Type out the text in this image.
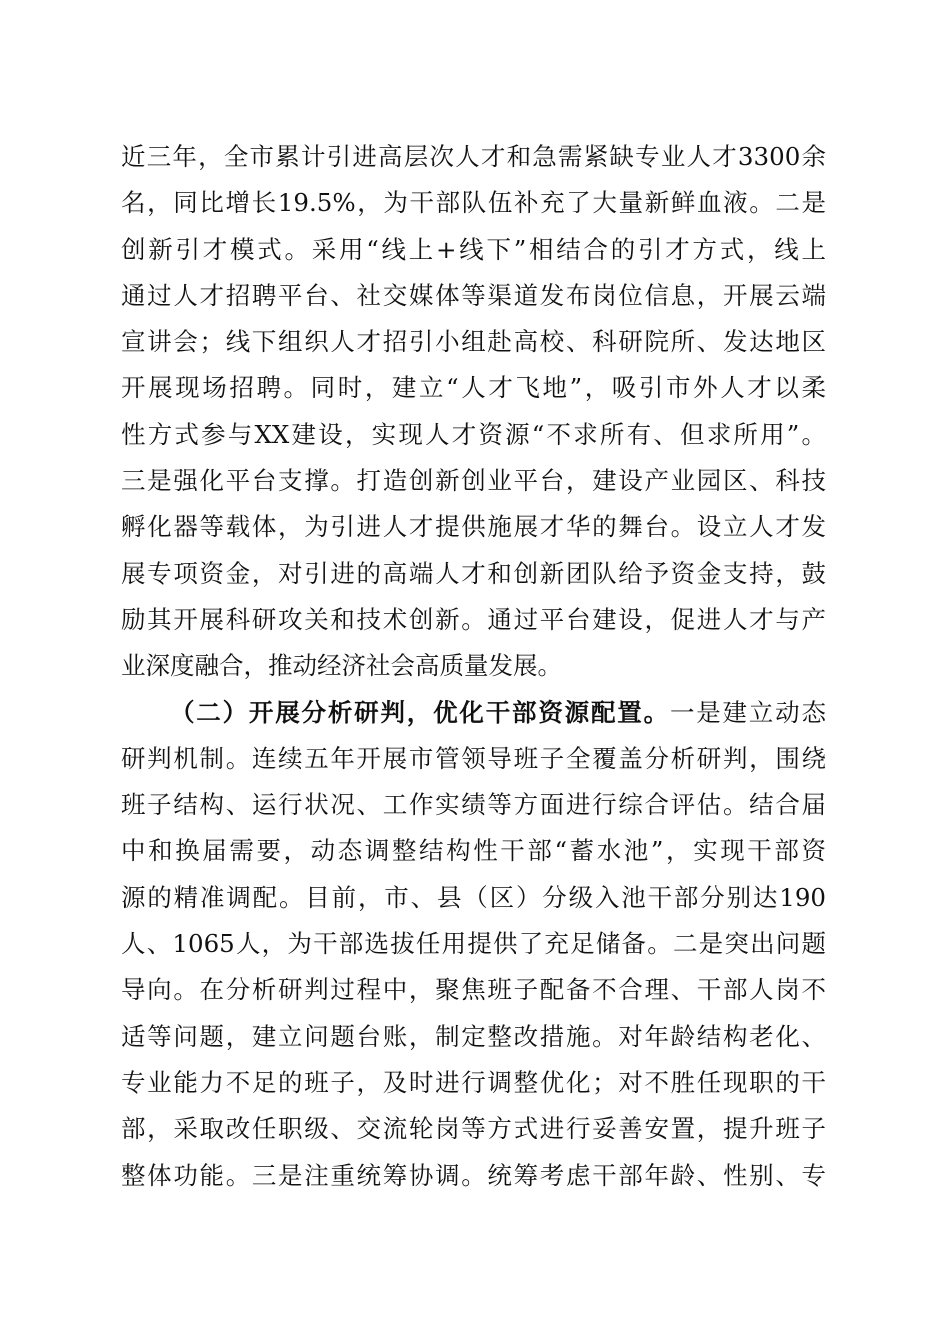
近三年，全市累计引进高层次人才和急需紧缺专业人才3300余
名，同比增长19.5%，为干部队伍补充了大量新鲜血液。二是
创新引才模式。采用“线上+线下”相结合的引才方式，线上
通过人才招聘平台、社交媒体等渠道发布岗位信息，开展云端
宣讲会；线下组织人才招引小组赴高校、科研院所、发达地区
开展现场招聘。同时，建立“人才飞地”，吸引市外人才以柔
性方式参与XX建设，实现人才资源“不求所有、但求所用”。
三是强化平台支撑。打造创新创业平台，建设产业园区、科技
孵化器等载体，为引进人才提供施展才华的舞台。设立人才发
展专项资金，对引进的高端人才和创新团队给予资金支持，鼓
励其开展科研攻关和技术创新。通过平台建设，促进人才与产
业深度融合，推动经济社会高质量发展。
（二）开展分析研判，优化干部资源配置。一是建立动态
研判机制。连续五年开展市管领导班子全覆盖分析研判，围绕
班子结构、运行状况、工作实绩等方面进行综合评估。结合届
中和换届需要，动态调整结构性干部“蓄水池”，实现干部资
源的精准调配。目前，市、县（区）分级入池干部分别达190
人、1065人，为干部选拔任用提供了充足储备。二是突出问题
导向。在分析研判过程中，聚焦班子配备不合理、干部人岗不
适等问题，建立问题台账，制定整改措施。对年龄结构老化、
专业能力不足的班子，及时进行调整优化；对不胜任现职的干
部，采取改任职级、交流轮岗等方式进行妥善安置，提升班子
整体功能。三是注重统筹协调。统筹考虑干部年龄、性别、专
